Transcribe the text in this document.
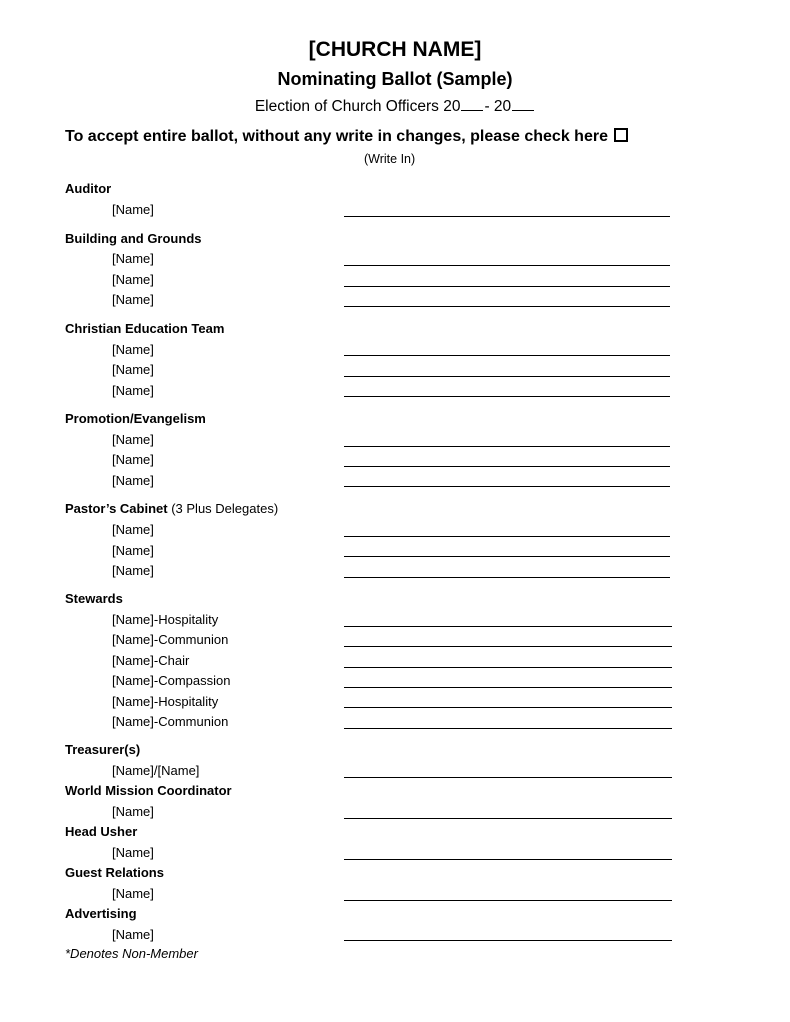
[CHURCH NAME]
Nominating Ballot (Sample)
Election of Church Officers 20 - 20
To accept entire ballot, without any write in changes, please check here
(Write In)
Auditor
[Name]
Building and Grounds
[Name]
[Name]
[Name]
Christian Education Team
[Name]
[Name]
[Name]
Promotion/Evangelism
[Name]
[Name]
[Name]
Pastor’s Cabinet (3 Plus Delegates)
[Name]
[Name]
[Name]
Stewards
[Name]-Hospitality
[Name]-Communion
[Name]-Chair
[Name]-Compassion
[Name]-Hospitality
[Name]-Communion
Treasurer(s)
[Name]/[Name]
World Mission Coordinator
[Name]
Head Usher
[Name]
Guest Relations
[Name]
Advertising
[Name]
*Denotes Non-Member
